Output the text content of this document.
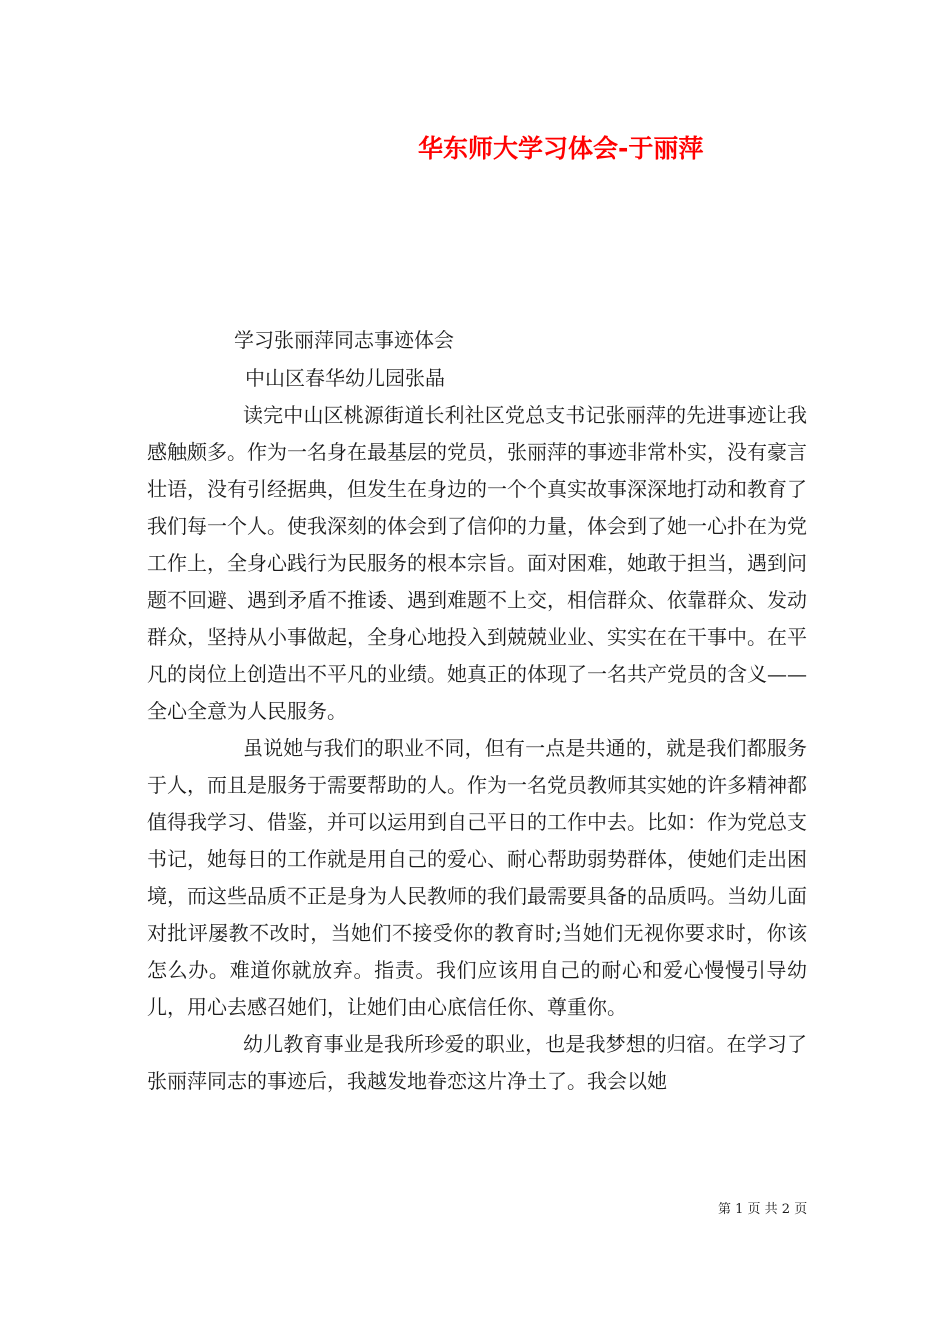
华东师大学习体会-于丽萍
学习张丽萍同志事迹体会
中山区春华幼儿园张晶

读完中山区桃源街道长利社区党总支书记张丽萍的先进事迹让我感触颇多。作为一名身在最基层的党员，张丽萍的事迹非常朴实，没有豪言壮语，没有引经据典，但发生在身边的一个个真实故事深深地打动和教育了我们每一个人。使我深刻的体会到了信仰的力量，体会到了她一心扑在为党工作上，全身心践行为民服务的根本宗旨。面对困难，她敢于担当，遇到问题不回避、遇到矛盾不推诿、遇到难题不上交，相信群众、依靠群众、发动群众，坚持从小事做起，全身心地投入到兢兢业业、实实在在干事中。在平凡的岗位上创造出不平凡的业绩。她真正的体现了一名共产党员的含义——全心全意为人民服务。

虽说她与我们的职业不同，但有一点是共通的，就是我们都服务于人，而且是服务于需要帮助的人。作为一名党员教师其实她的许多精神都值得我学习、借鉴，并可以运用到自己平日的工作中去。比如：作为党总支书记，她每日的工作就是用自己的爱心、耐心帮助弱势群体，使她们走出困境，而这些品质不正是身为人民教师的我们最需要具备的品质吗。当幼儿面对批评屡教不改时，当她们不接受你的教育时;当她们无视你要求时，你该怎么办。难道你就放弃。指责。我们应该用自己的耐心和爱心慢慢引导幼儿，用心去感召她们，让她们由心底信任你、尊重你。

幼儿教育事业是我所珍爱的职业，也是我梦想的归宿。在学习了张丽萍同志的事迹后，我越发地眷恋这片净土了。我会以她

第 1 页 共 2 页
